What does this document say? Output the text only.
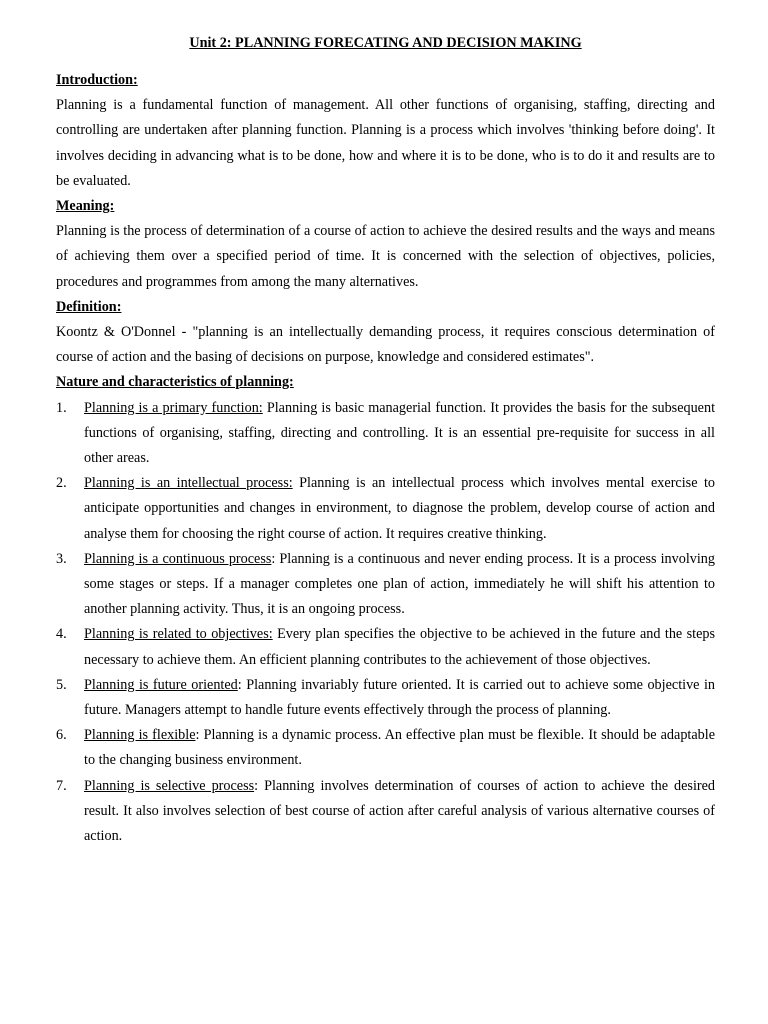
Unit 2: PLANNING FORECATING AND DECISION MAKING
Introduction:

Planning is a fundamental function of management. All other functions of organising, staffing, directing and controlling are undertaken after planning function. Planning is a process which involves 'thinking before doing'. It involves deciding in advancing what is to be done, how and where it is to be done, who is to do it and results are to be evaluated.

Meaning:

Planning is the process of determination of a course of action to achieve the desired results and the ways and means of achieving them over a specified period of time. It is concerned with the selection of objectives, policies, procedures and programmes from among the many alternatives.

Definition:

Koontz & O'Donnel - "planning is an intellectually demanding process, it requires conscious determination of course of action and the basing of decisions on purpose, knowledge and considered estimates".

Nature and characteristics of planning:
1. Planning is a primary function: Planning is basic managerial function. It provides the basis for the subsequent functions of organising, staffing, directing and controlling. It is an essential pre-requisite for success in all other areas.
2. Planning is an intellectual process: Planning is an intellectual process which involves mental exercise to anticipate opportunities and changes in environment, to diagnose the problem, develop course of action and analyse them for choosing the right course of action. It requires creative thinking.
3. Planning is a continuous process: Planning is a continuous and never ending process. It is a process involving some stages or steps. If a manager completes one plan of action, immediately he will shift his attention to another planning activity. Thus, it is an ongoing process.
4. Planning is related to objectives: Every plan specifies the objective to be achieved in the future and the steps necessary to achieve them. An efficient planning contributes to the achievement of those objectives.
5. Planning is future oriented: Planning invariably future oriented. It is carried out to achieve some objective in future. Managers attempt to handle future events effectively through the process of planning.
6. Planning is flexible: Planning is a dynamic process. An effective plan must be flexible. It should be adaptable to the changing business environment.
7. Planning is selective process: Planning involves determination of courses of action to achieve the desired result. It also involves selection of best course of action after careful analysis of various alternative courses of action.
